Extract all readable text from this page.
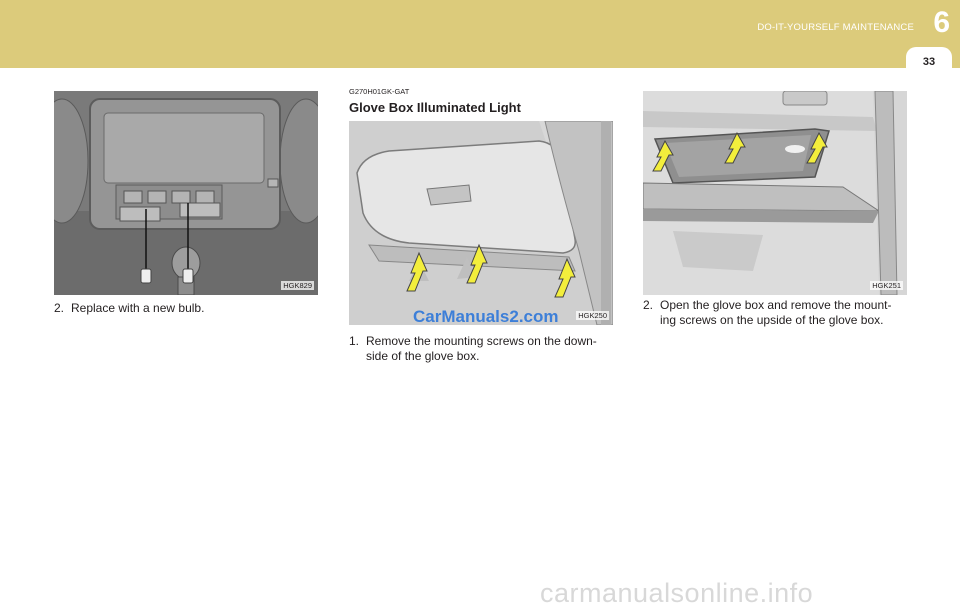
DO-IT-YOURSELF MAINTENANCE 6
33
HGK829
2. Replace with a new bulb.
G270H01GK-GAT
Glove Box Illuminated Light
HGK250
CarManuals2.com
1. Remove the mounting screws on the down-side of the glove box.
HGK251
2. Open the glove box and remove the mount-ing screws on the upside of the glove box.
carmanualsonline.info
